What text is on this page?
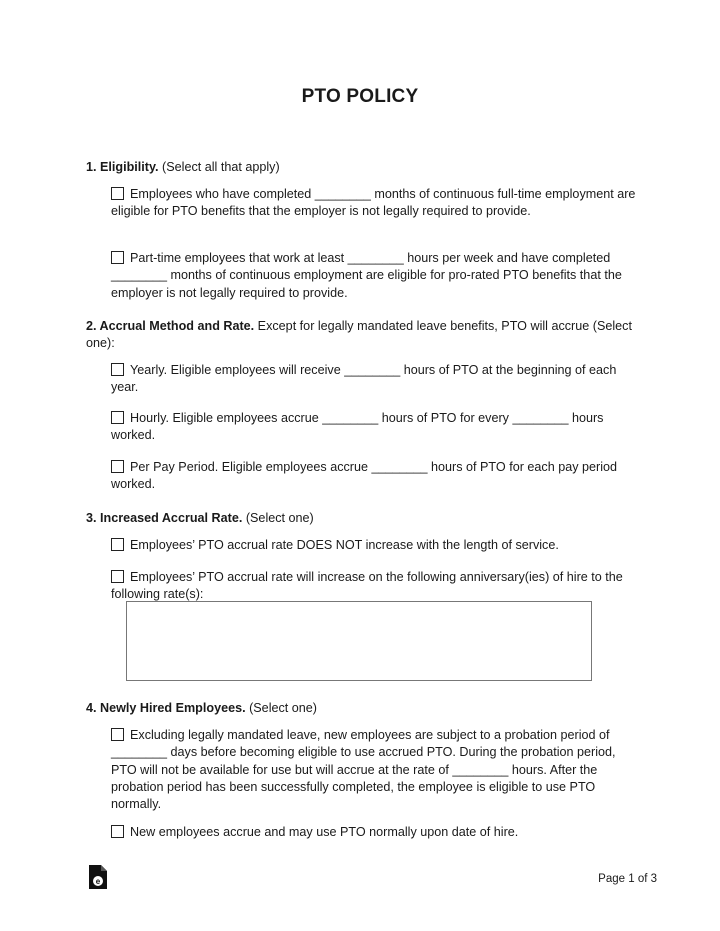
PTO POLICY
1. Eligibility. (Select all that apply)
Employees who have completed ________ months of continuous full-time employment are eligible for PTO benefits that the employer is not legally required to provide.
Part-time employees that work at least ________ hours per week and have completed ________ months of continuous employment are eligible for pro-rated PTO benefits that the employer is not legally required to provide.
2. Accrual Method and Rate. Except for legally mandated leave benefits, PTO will accrue (Select one):
Yearly. Eligible employees will receive ________ hours of PTO at the beginning of each year.
Hourly. Eligible employees accrue ________ hours of PTO for every ________ hours worked.
Per Pay Period. Eligible employees accrue ________ hours of PTO for each pay period worked.
3. Increased Accrual Rate. (Select one)
Employees’ PTO accrual rate DOES NOT increase with the length of service.
Employees’ PTO accrual rate will increase on the following anniversary(ies) of hire to the following rate(s):
4. Newly Hired Employees. (Select one)
Excluding legally mandated leave, new employees are subject to a probation period of ________ days before becoming eligible to use accrued PTO. During the probation period, PTO will not be available for use but will accrue at the rate of ________ hours. After the probation period has been successfully completed, the employee is eligible to use PTO normally.
New employees accrue and may use PTO normally upon date of hire.
e	Page 1 of 3
